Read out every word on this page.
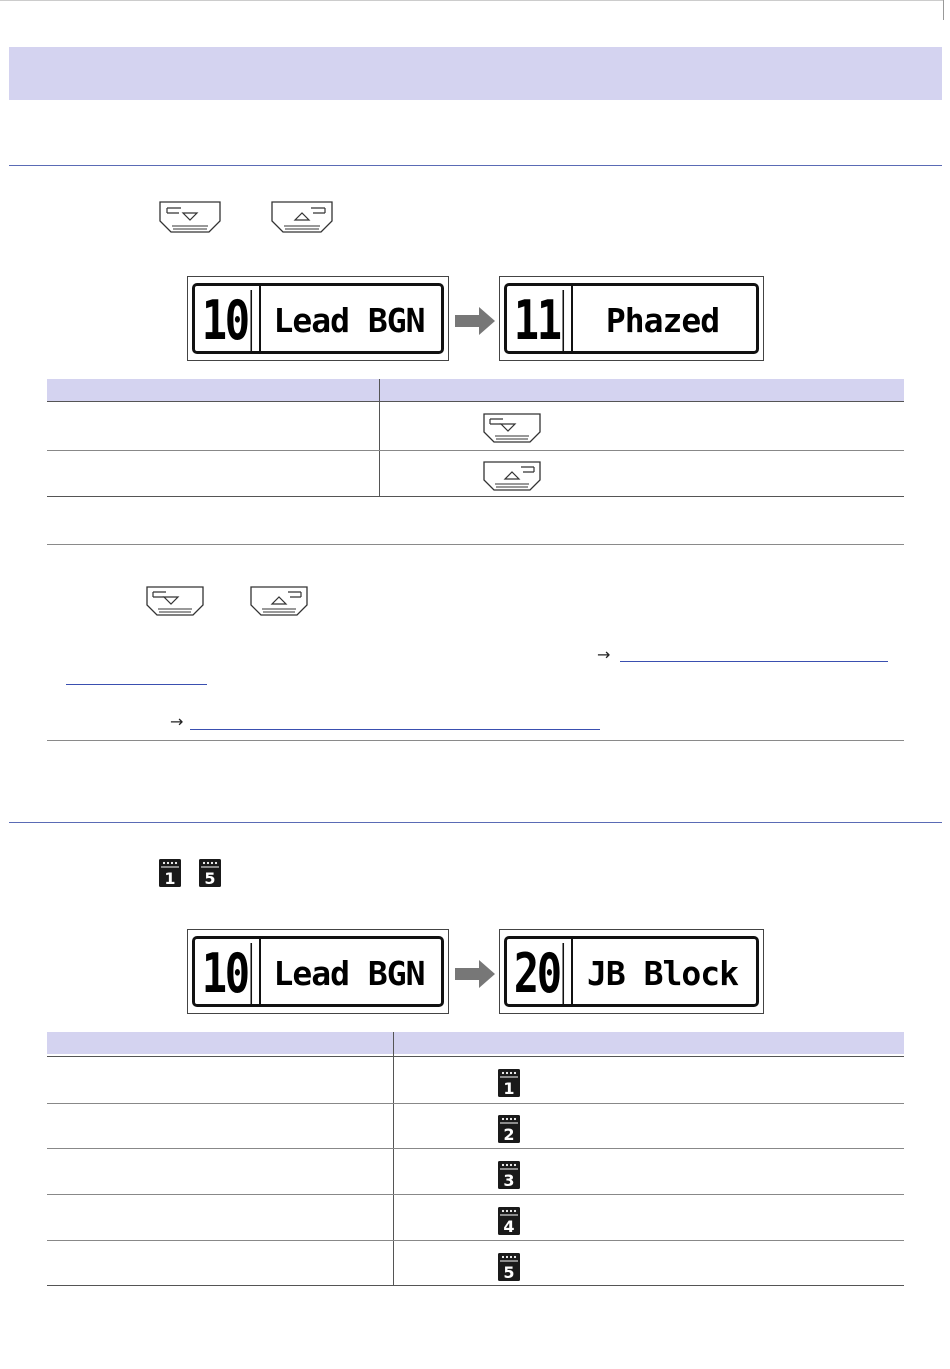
10 Lead BGN 11	Phazed
→
→
10 Lead BGN 20 JB Block
1 5
1
2
3
4
5
